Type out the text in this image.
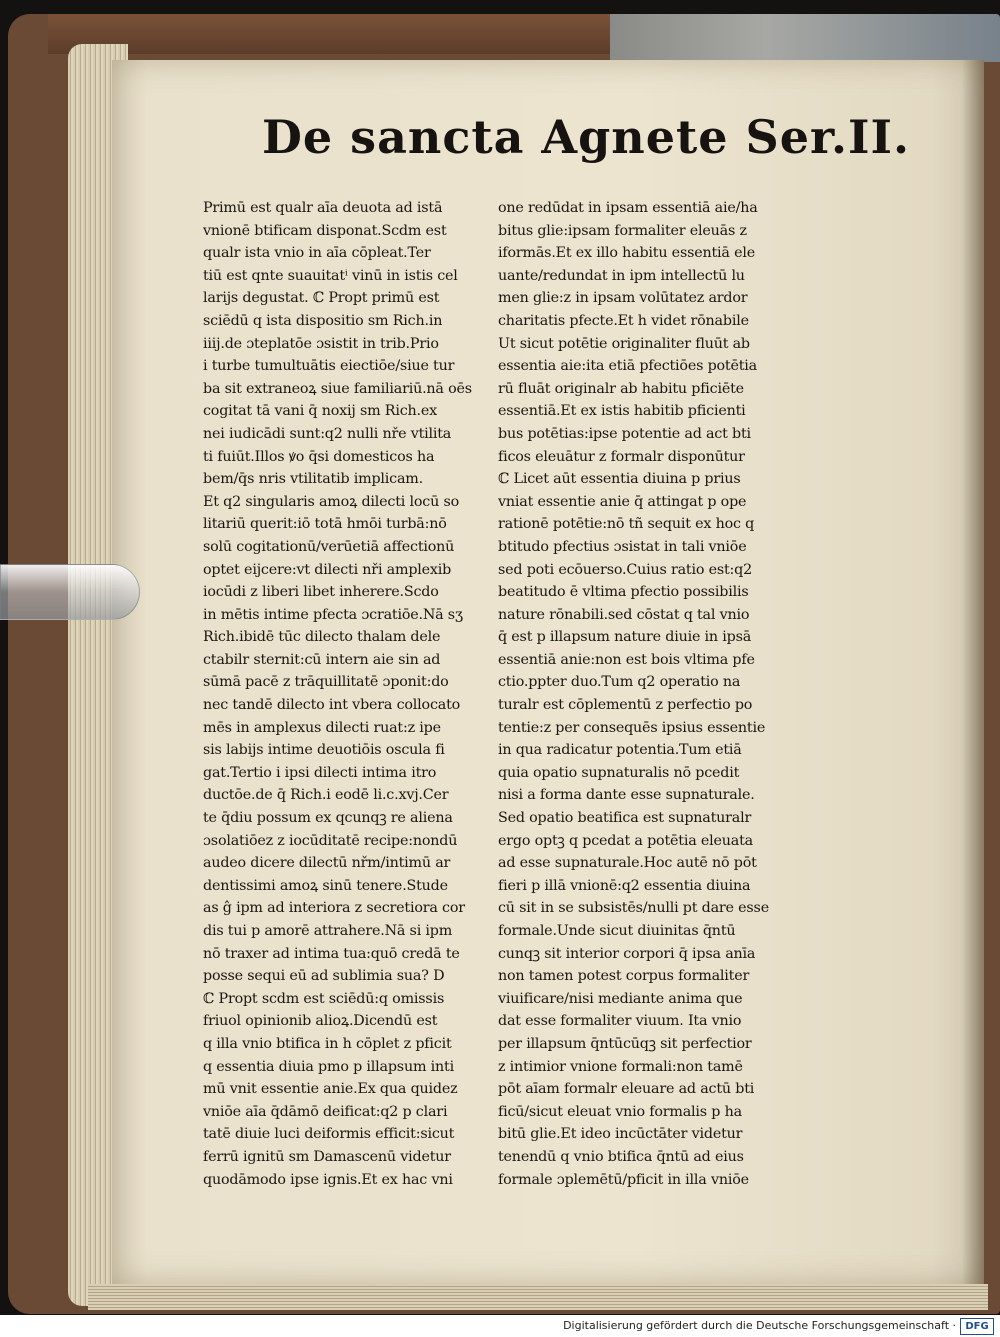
De sancta Agnete Ser.II.
Primū est qualr aīa deuota ad istā
vnionē btificam disponat.Scdm est
qualr ista vnio in aīa cōpleat.Ter
tiū est qnte suauitatⁱ vinū in istis cel
larijs degustat. ℂ Propt primū est
sciēdū q ista dispositio sm Rich.in
iiij.de ɔteplatōe ɔsistit in trib.Prio
i turbe tumultuātis eiectiōe/siue tur
ba sit extraneoꝝ siue familiariū.nā oēs
cogitat tā vani q̄ noxij sm Rich.ex
nei iudicādi sunt:q2 nulli nře vtilita
ti fuiūt.Illos ꝟo q̄si domesticos ha
bem/q̄s nris vtilitatib implicam.
Et q2 singularis amoꝝ dilecti locū so
litariū querit:iō totā hmōi turbā:nō
solū cogitationū/verūetiā affectionū
optet eijcere:vt dilecti nři amplexib
iocūdi z liberi libet inherere.Scdo
in mētis intime pfecta ɔcratiōe.Nā sʒ
Rich.ibidē tūc dilecto thalam dele
ctabilr sternit:cū intern aie sin ad
sūmā pacē z trāquillitatē ɔponit:do
nec tandē dilecto int vbera collocato
mēs in amplexus dilecti ruat:z ipe
sis labijs intime deuotiōis oscula fi
gat.Tertio i ipsi dilecti intima itro
ductōe.de q̄ Rich.i eodē li.c.xvj.Cer
te q̄diu possum ex qcunqꝫ re aliena
ɔsolatiōez z iocūditatē recipe:nondū
audeo dicere dilectū nřm/intimū ar
dentissimi amoꝝ sinū tenere.Stude
as ĝ ipm ad interiora z secretiora cor
dis tui p amorē attrahere.Nā si ipm
nō traxer ad intima tua:quō credā te
posse sequi eū ad sublimia sua? D
ℂ Propt scdm est sciēdū:q omissis
friuol opinionib alioꝝ.Dicendū est
q illa vnio btifica in h cōplet z pficit
q essentia diuia pmo p illapsum inti
mū vnit essentie anie.Ex qua quidez
vniōe aīa q̄dāmō deificat:q2 p clari
tatē diuie luci deiformis efficit:sicut
ferrū ignitū sm Damascenū videtur
quodāmodo ipse ignis.Et ex hac vni
one redūdat in ipsam essentiā aie/ha
bitus glie:ipsam formaliter eleuās z
iformās.Et ex illo habitu essentiā ele
uante/redundat in ipm intellectū lu
men glie:z in ipsam volūtatez ardor
charitatis pfecte.Et h videt rōnabile
Ut sicut potētie originaliter fluūt ab
essentia aie:ita etiā pfectiōes potētia
rū fluāt originalr ab habitu pficiēte
essentiā.Et ex istis habitib pficienti
bus potētias:ipse potentie ad act bti
ficos eleuātur z formalr disponūtur
ℂ Licet aūt essentia diuina p prius
vniat essentie anie q̄ attingat p ope
rationē potētie:nō tñ sequit ex hoc q
btitudo pfectius ɔsistat in tali vniōe
sed poti ecōuerso.Cuius ratio est:q2
beatitudo ē vltima pfectio possibilis
nature rōnabili.sed cōstat q tal vnio
q̄ est p illapsum nature diuie in ipsā
essentiā anie:non est bois vltima pfe
ctio.ppter duo.Tum q2 operatio na
turalr est cōplementū z perfectio po
tentie:z per consequēs ipsius essentie
in qua radicatur potentia.Tum etiā
quia opatio supnaturalis nō pcedit
nisi a forma dante esse supnaturale.
Sed opatio beatifica est supnaturalr
ergo optꝫ q pcedat a potētia eleuata
ad esse supnaturale.Hoc autē nō pōt
fieri p illā vnionē:q2 essentia diuina
cū sit in se subsistēs/nulli pt dare esse
formale.Unde sicut diuinitas q̄ntū
cunqꝫ sit interior corpori q̄ ipsa anīa
non tamen potest corpus formaliter
viuificare/nisi mediante anima que
dat esse formaliter viuum. Ita vnio
per illapsum q̄ntūcūqꝫ sit perfectior
z intimior vnione formali:non tamē
pōt aīam formalr eleuare ad actū bti
ficū/sicut eleuat vnio formalis p ha
bitū glie.Et ideo incūctāter videtur
tenendū q vnio btifica q̄ntū ad eius
formale ɔplemētū/pficit in illa vniōe
Digitalisierung gefördert durch die Deutsche Forschungsgemeinschaft · DFG
